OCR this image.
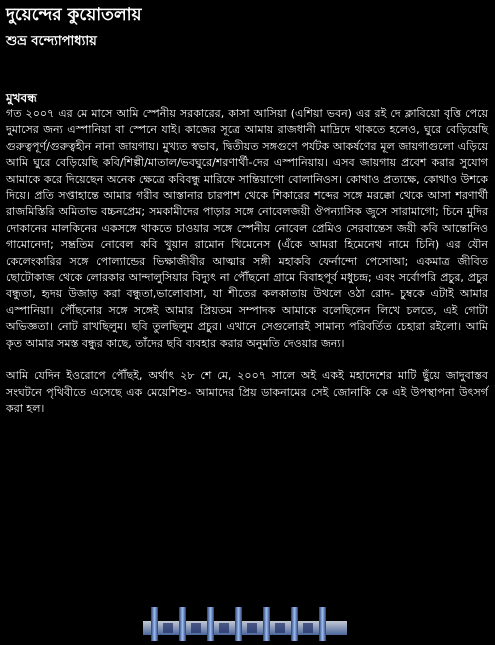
দুয়েন্দের কুয়োতলায়
শুভ্র বন্দ্যোপাধ্যায়
মুখবন্ধ

গত ২০০৭ এর মে মাসে আমি স্পেনীয় সরকারের, কাসা আসিয়া (এশিয়া ভবন) এর রই দে ক্লাবিয়ো বৃত্তি পেয়ে দুমাসের জন্য এস্পানিয়া বা স্পেনে যাই। কাজের সূত্রে আমায় রাজধানী মাদ্রিদে থাকতে হলেও, ঘুরে বেড়িয়েছি গুরুত্বপূর্ণ/গুরুত্বহীন নানা জায়গায়। মুখ্যত স্বভাব, দ্বিতীয়ত সঙ্গগুণে পর্যটক আকর্ষণের মূল জায়গাগুলো এড়িয়ে আমি ঘুরে বেড়িয়েছি কবি/শিল্পী/মাতাল/ভবঘুরে/শরণার্থী-দের এস্পানিয়ায়। এসব জায়গায় প্রবেশ করার সুযোগ আমাকে করে দিয়েছেন অনেক ক্ষেত্রে কবিবন্ধু মারিফে সান্তিয়াগো বোলানিওস। কোথাও প্রত্যক্ষে, কোথাও উশকে দিয়ে। প্রতি সপ্তাহান্তে আমার গরীব আস্তানার চারপাশ থেকে শিকারের শব্দের সঙ্গে মরক্কো থেকে আসা শরণার্থী রাজমিস্তিরি অমিতাভ বচ্চনপ্রেম; সমকামীদের পাড়ার সঙ্গে নোবেলজয়ী ঔপন্যাসিক জুসে সারামাগো; চিনে মুদির দোকানের মালকিনের একসঙ্গে থাকতে চাওয়ার সঙ্গে স্পেনীয় নোবেল প্রেমিও সেরবান্তেস জয়ী কবি আন্তোনিও গামোনেদা; সম্ভ্রতিম নোবেল কবি খুয়ান রামোন খিমেনেস (এঁকে আমরা হিমেনেথ নামে চিনি) এর যৌন কেলেংকারির সঙ্গে পোল্যান্ডের ভিক্ষাজীবীর আত্মার সঙ্গী মহাকবি ফের্নান্দো পেসোআ; একমাত্র জীবিত ছোটোকাজ থেকে লোরকার আন্দালুসিয়ার বিদ্যুৎ না পৌঁছনো গ্রামে বিবাহপূর্ব মধুচন্দ্র; এবং সর্বোপরি প্রচুর, প্রচুর বন্ধুতা, হৃদয় উজাড় করা বন্ধুতা,ভালোবাসা, যা শীতের কলকাতায় উথলে ওঠা রোদ- চুম্বকে এটাই আমার এস্পানিয়া। পৌঁছনোর সঙ্গে সঙ্গেই আমার প্রিয়তম সম্পাদক আমাকে বলেছিলেন লিখে চলতে, এই গোটা অভিজ্ঞতা। নোট রাখছিলুম। ছবি তুলছিলুম প্রচুর। এখানে সেগুলোরই সামান্য পরিবর্তিত চেহারা রইলো। আমি কৃত আমার সমস্ত বন্ধুর কাছে, তাঁদের ছবি ব্যবহার করার অনুমতি দেওয়ার জন্য।

আমি যেদিন ইওরোপে পৌঁছই, অর্থাৎ ২৮ শে মে, ২০০৭ সালে অই একই মহাদেশের মাটি ছুঁয়ে জাদুবাস্তব সংঘটনে পৃথিবীতে এসেছে এক মেয়েশিশু- আমাদের প্রিয় ডাকনামের সেই জোনাকি কে এই উপস্থাপনা উৎসর্গ করা হল।
